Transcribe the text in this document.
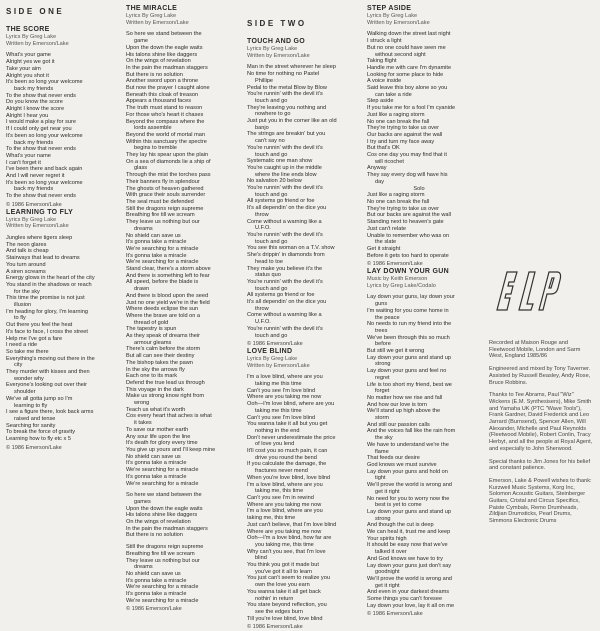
SIDE ONE
THE SCORE
Lyrics By Greg Lake
Written by Emerson/Lake
What's your game
Alright yes we got it
Take your aim
Alright you shot it
It's been so long your welcome
back my friends
To the show that never ends
Do you know the score
Alright I know the score
Alright I hear you
I would make a play for sure
If I could only get near you
It's been so long your welcome
back my friends
To the show that never ends
What's your name
I can't forget it
I've been there and back again
And I will never regret it
It's been so long your welcome
back my friends
To the show that never ends
© 1986 Emerson/Lake
LEARNING TO FLY
Lyrics By Greg Lake
Written by Emerson/Lake
Jungles where tigers sleep
The neon glares
And talk is cheap
Stairways that lead to dreams
You turn around
A siren screams
Energy glows in the heart of the city
You stand in the shadows or reach
for the sky
This time the promise is not just
illusion
I'm heading for glory, I'm learning
to fly
Out there you feel the heat
It's face to face, I cross the street
Help me I've got a fare
I need a ride
So take me there
Everything's moving out there in the
city
They murder with kisses and then
wonder why
Everyone's looking out over their
shoulder
We've all gotta jump so I'm
learning to fly
I see a figure there, look back arms
raised and tense
Searching for sanity
To break the force of gravity
Learning how to fly etc x 5
© 1986 Emerson/Lake
THE MIRACLE
Lyrics By Greg Lake
Written by Emerson/Lake
So here we stand between the
game
Upon the down the eagle waits
His talons shine like daggers
On the wings of revelation
In the pain the madman staggers
But there is no solution
Another sword upon a throne
But now the prayer I caught alone
Beneath this cloak of treason
Appears a thousand faces
The truth must stand to reason
For those who's heart it chases
Beyond the compass where the
lords assemble
Beyond the world of mortal man
Within this sanctuary the spectre
begins to tremble
They lay his spear upon the plain
On a sea of diamonds lie a ship of
glass
Through the mist the torches pass
Their banners fly in splendour
The ghosts of heaven gathered
With grace their souls surrender
The seal must be defended
Still the dragons reign supreme
Breathing fire till we scream
They leave us nothing but our
dreams
No shield can save us
It's gonna take a miracle
We're searching for a miracle
It's gonna take a miracle
We're searching for a miracle
Stand clear, there's a storm above
And there is something left to fear
All speed, before the blade is
drawn
And there is blood upon the seed
Just no one yield we're in the field
Where deeds eclipse the sun
Where the brave are told on a
thread of gold
The tapestry is spun
As they speak of dreams their
armour gleams
There's calm before the storm
But all can see their destiny
The bishop takes the pawn
In the sky the arrows fly
Each one to its mark
Defend the true lead us through
This voyage in the dark
Make us strong know right from
wrong
Teach us what it's worth
Cos every heart that aches is what
it takes
To save our mother earth
Any sour life upon the line
It's death for glory every time
You give up yours and I'll keep mine
No shield can save us
It's gonna take a miracle
We're searching for a miracle
It's gonna take a miracle
We're searching for a miracle
So here we stand between the
games
Upon the down the eagle waits
His talons shine like daggers
On the wings of revelation
In the pain the madman staggers
But there is no solution
Still the dragons reign supreme
Breathing fire till we scream
They leave us nothing but our
dreams
No shield can save us
It's gonna take a miracle
We're searching for a miracle
It's gonna take a miracle
We're searching for a miracle
© 1986 Emerson/Lake
SIDE TWO
TOUCH AND GO
Lyrics By Greg Lake
Written by Emerson/Lake
Man in the street wherever he sleep
No time for nothing no Pastel
Phillipe
Pedal to the metal Blow by Blow
You're runnin' with the devil it's
touch and go
They're leaving you nothing and
nowhere to go
Just put you in the corner like an old
banjo
The strings are breakin' but you
can't say no
You're runnin' with the devil it's
touch and go
Systematic one man show
You're caught up in the middle
where the line ends blow
No salvation 20 below
You're runnin' with the devil it's
touch and go
All systems go friend or foe
It's all dependin' on the dice you
throw
Come without a warning like a
U.F.O.
You're runnin' with the devil it's
touch and go
You see this woman on a T.V. show
She's drippin' in diamonds from
head to toe
They make you believe it's the
status quo
You're runnin' with the devil it's
touch and go
All systems go friend or foe
It's all dependin' on the dice you
throw
Come without a warning like a
U.F.O.
You're runnin' with the devil it's
touch and go
© 1986 Emerson/Lake
LOVE BLIND
Lyrics By Greg Lake
Written by Emerson/Lake
I'm a love blind, where are you
taking me this time
Can't you see I'm love blind
Where are you taking me now
Ooh—I'm love blind, where are you
taking me this time
Can't you see I'm love blind
You wanna take it all but you get
nothing in the end
Don't never underestimate the price
of love you lend
It'll cost you so much pain, it can
drive you round the bend
If you calculate the damage, the
fractures never mend
When you're love blind, love blind
I'm a love blind, where are you
taking me, this time
Can't you see I'm in rewind
Where are you taking me now
I'm a love blind, where are you
taking me, this time
Just can't believe, that I'm love blind
Where are you taking me now
Ooh—I'm a love blind, how far are
you taking me, this time
Why can't you see, that I'm love
blind
You think you got it made but
you've got it all to learn
You just can't seem to realize you
own the love you earn
You wanna take it all get back
nothin' in return
You stare beyond reflection, you
see the edges burn
Till you're love blind, love blind
© 1986 Emerson/Lake
STEP ASIDE
Lyrics By Greg Lake
Written by Emerson/Lake
Walking down the street last night
I struck a light
But no one could have seen me
without second sight
Taking flight
Handle me with care I'm dynamite
Looking for some place to hide
A voice inside
Said leave this boy alone so you
can take a ride
Step aside
If you take me for a fool I'm cyanide
Just like a raging storm
No one can break the fall
They're trying to take us over
Our backs are against the wall
I try and turn my face away
But that's OK
Cos one day you may find that it
will ricochet
Anyway
They say every dog will have his
day
Solo
Just like a raging storm
No one can break the fall
They're trying to take us over
But our backs are against the wall
Standing next to heaven's gate
Just can't relate
Unable to remember who was on
the slate
Get it straight
Before it gets too hard to operate
© 1986 Emerson/Lake
LAY DOWN YOUR GUN
Music by Keith Emerson
Lyrics by Greg Lake/Codalo
Lay down your guns, lay down your
guns
I'm waiting for you come home in
the peace
No needs to run my friend into the
trees
We've been through this so much
before
But still we get it wrong
Lay down your guns and stand up
strong
Lay down your guns and feel no
regret
Life is too short my friend, best we
forget
No matter how we rise and fall
And how our love is torn
We'll stand up high above the
storm
And still our passion calls
And the voices fall like the rain from
the sky
We have to understand we're the
flame
That feeds our desire
God knows we must survive
Lay down your guns and hold on
tight
We'll prove the world is wrong and
get it right
No need for you to worry now the
best is yet to come
Lay down your guns and stand up
strong
And though the cut is deep
We can heal it, trust me and keep
Your spirits high
It should be easy now that we've
talked it over
And God knows we have to try
Lay down your guns just don't say
goodnight
We'll prove the world is wrong and
get it right
And even in your darkest dreams
Some things you can't foresee
Lay down your love, lay it all on me
© 1986 Emerson/Lake

Recorded at Maison Rouge and Fleetwood Mobile, London and Sarm West, England 1985/86

Engineered and mixed by Tony Taverner. Assisted by Russell Beasley, Andy Rose, Bruce Robbins.

Thanks to Tee Abrams, Paul "Wiz" Wickens (E.M. Synthesisers), Mike Smith and Yamaha UK (PTC "Wave Tools"), Frank Gardner, David Frederick and Leo Jarrard (Burnsend), Spencer Allen, Will Alexander, Michelle and Paul Reynolds (Fleetwood Mobile), Robert Conlin, Tracy Herbyt, and all the people at Royal Agent, and especially to John Sherwood.

Special thanks to Jim Jones for his belief and constant patience.

Emerson, Lake & Powell wishes to thank: Kurzweil Music Systems, Korg Inc, Solomon Acoustic Guitars, Steinberger Guitars, Cristal and Circus Specifics, Paiste Cymbals, Remo Drumheads, Zildjian Drumsticks, Pearl Drums, Simmons Electronic Drums
